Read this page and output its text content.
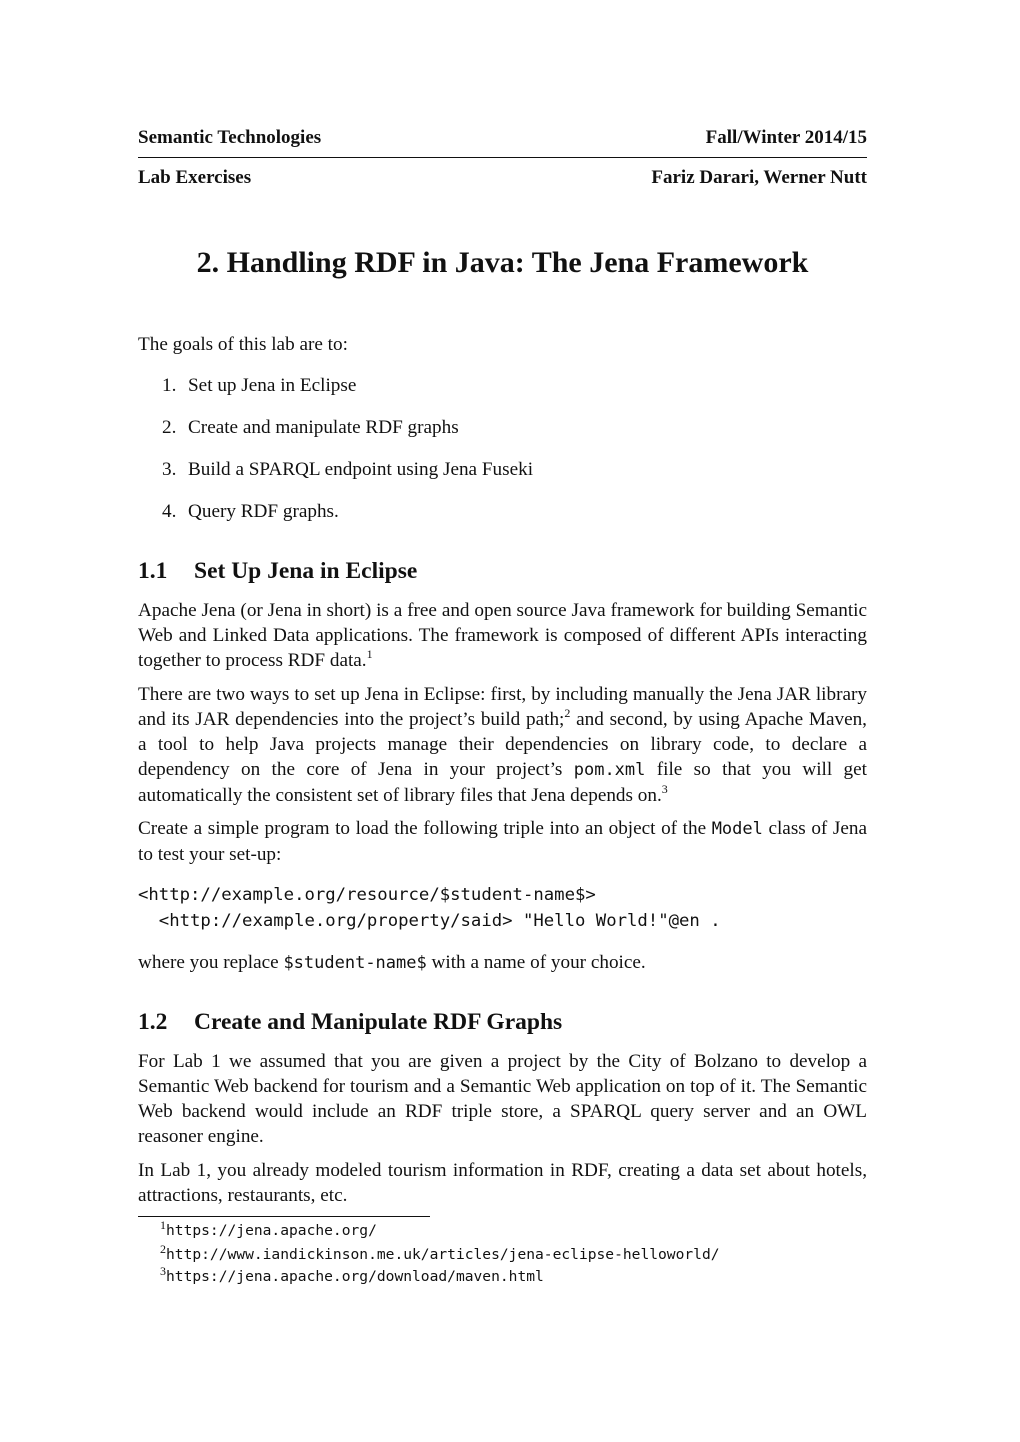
Semantic Technologies	Fall/Winter 2014/15
Lab Exercises	Fariz Darari, Werner Nutt
2. Handling RDF in Java: The Jena Framework

The goals of this lab are to:

1. Set up Jena in Eclipse
2. Create and manipulate RDF graphs
3. Build a SPARQL endpoint using Jena Fuseki
4. Query RDF graphs.
1.1 Set Up Jena in Eclipse

Apache Jena (or Jena in short) is a free and open source Java framework for building Semantic Web and Linked Data applications. The framework is composed of different APIs interacting together to process RDF data.$^1$

There are two ways to set up Jena in Eclipse: first, by including manually the Jena JAR library and its JAR dependencies into the project’s build path;$^2$ and second, by using Apache Maven, a tool to help Java projects manage their dependencies on library code, to declare a dependency on the core of Jena in your project’s pom.xml file so that you will get automatically the consistent set of library files that Jena depends on.$^3$

Create a simple program to load the following triple into an object of the Model class of Jena to test your set-up:

<http://example.org/resource/$student-name$>
<http://example.org/property/said> "Hello World!"@en .

where you replace $student-name$ with a name of your choice.

1.2 Create and Manipulate RDF Graphs

For Lab 1 we assumed that you are given a project by the City of Bolzano to develop a Semantic Web backend for tourism and a Semantic Web application on top of it. The Semantic Web backend would include an RDF triple store, a SPARQL query server and an OWL reasoner engine.

In Lab 1, you already modeled tourism information in RDF, creating a data set about hotels, attractions, restaurants, etc.

$^1$https://jena.apache.org/
$^2$http://www.iandickinson.me.uk/articles/jena-eclipse-helloworld/
$^3$https://jena.apache.org/download/maven.html
